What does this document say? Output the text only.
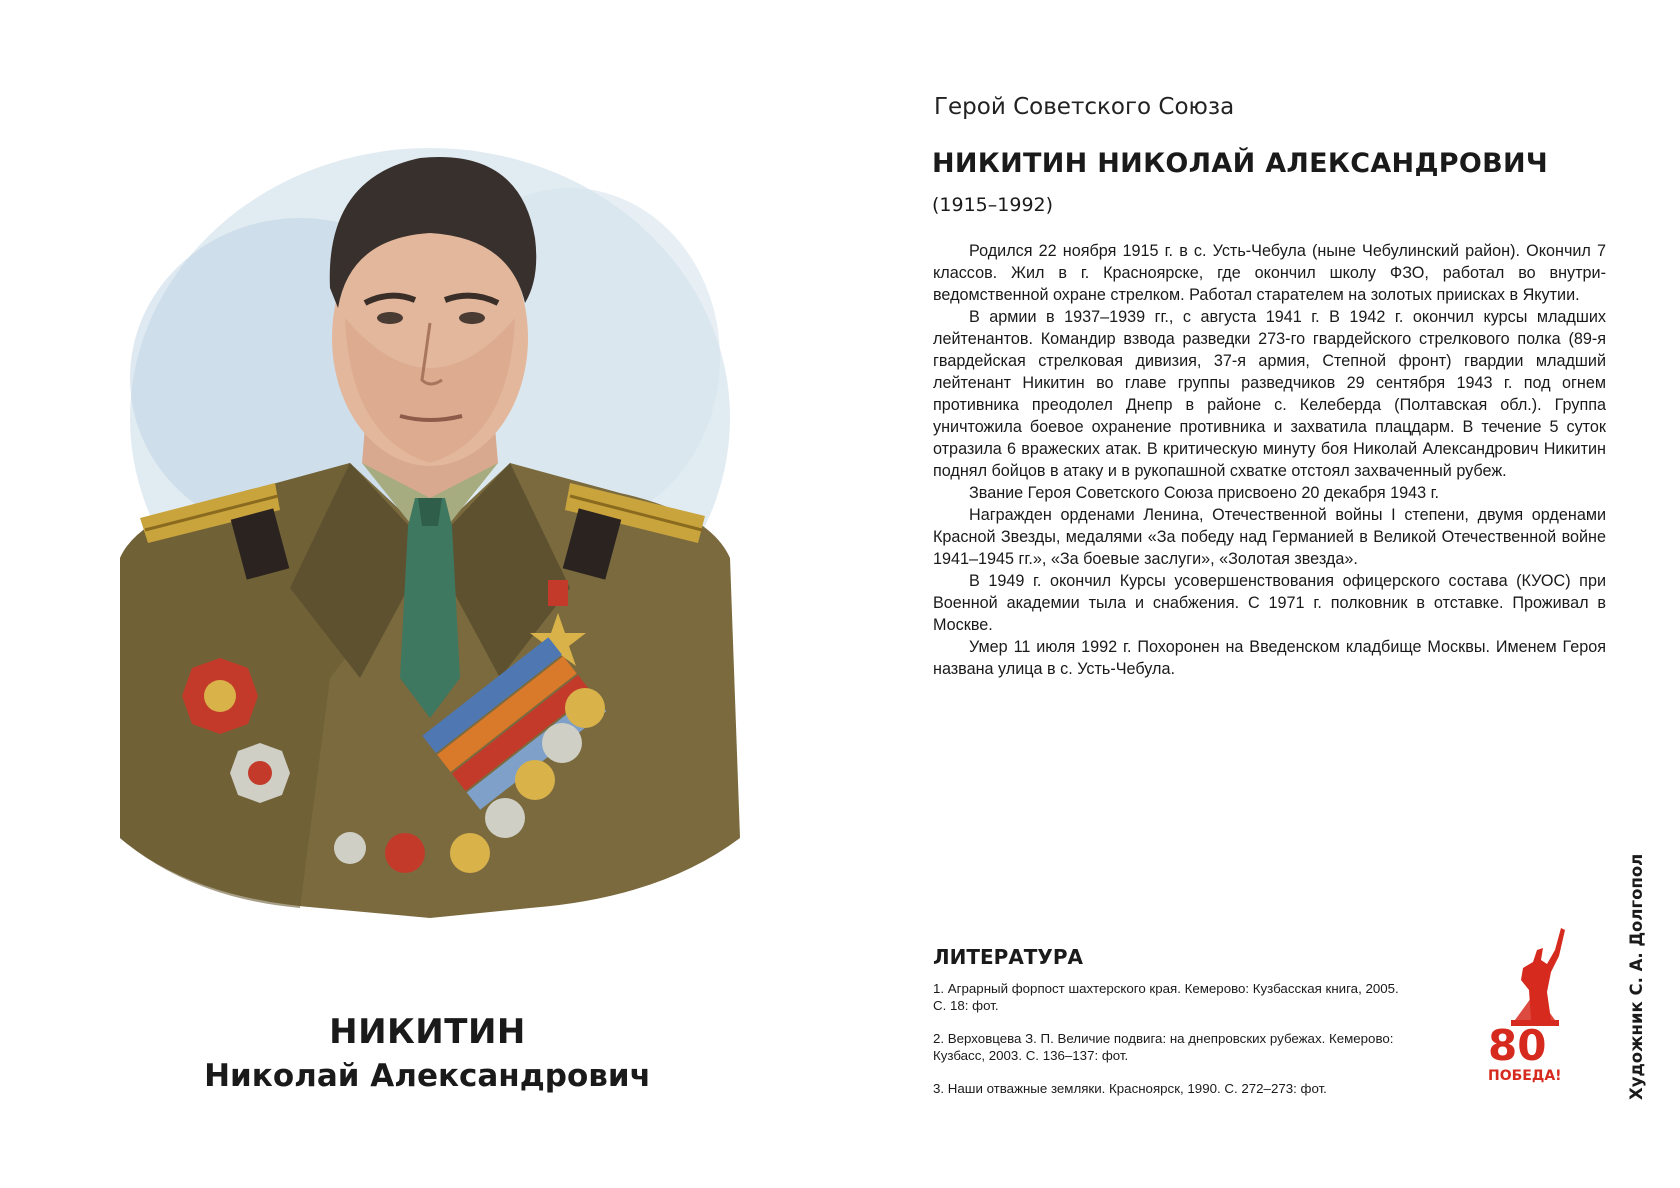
НИКИТИН
Николай Александрович
Герой Советского Союза
НИКИТИН НИКОЛАЙ АЛЕКСАНДРОВИЧ
(1915–1992)

Родился 22 ноября 1915 г. в с. Усть-Чебула (ныне Чебулинский район). Окончил 7 классов. Жил в г. Красноярске, где окончил школу ФЗО, работал во внутриведомственной охране стрелком. Работал старателем на золотых приисках в Якутии.

В армии в 1937–1939 гг., с августа 1941 г. В 1942 г. окончил курсы младших лейтенантов. Командир взвода разведки 273-го гвардейского стрелкового полка (89-я гвардейская стрелковая дивизия, 37-я армия, Степной фронт) гвардии младший лейтенант Никитин во главе группы разведчиков 29 сентября 1943 г. под огнем противника преодолел Днепр в районе с. Келеберда (Полтавская обл.). Группа уничтожила боевое охранение противника и захватила плацдарм. В течение 5 суток отразила 6 вражеских атак. В критическую минуту боя Николай Александрович Никитин поднял бойцов в атаку и в рукопашной схватке отстоял захваченный рубеж.

Звание Героя Советского Союза присвоено 20 декабря 1943 г.

Награжден орденами Ленина, Отечественной войны I степени, двумя орденами Красной Звезды, медалями «За победу над Германией в Великой Отечественной войне 1941–1945 гг.», «За боевые заслуги», «Золотая звезда».

В 1949 г. окончил Курсы усовершенствования офицерского состава (КУОС) при Военной академии тыла и снабжения. С 1971 г. полковник в отставке. Проживал в Москве.

Умер 11 июля 1992 г. Похоронен на Введенском кладбище Москвы. Именем Героя названа улица в с. Усть-Чебула.

ЛИТЕРАТУРА

1. Аграрный форпост шахтерского края. Кемерово: Кузбасская книга, 2005. С. 18: фот.

2. Верховцева З. П. Величие подвига: на днепровских рубежах. Кемерово: Кузбасс, 2003. С. 136–137: фот.

3. Наши отважные земляки. Красноярск, 1990. С. 272–273: фот.

80
ПОБЕДА!	Художник С. А. Долгопол
